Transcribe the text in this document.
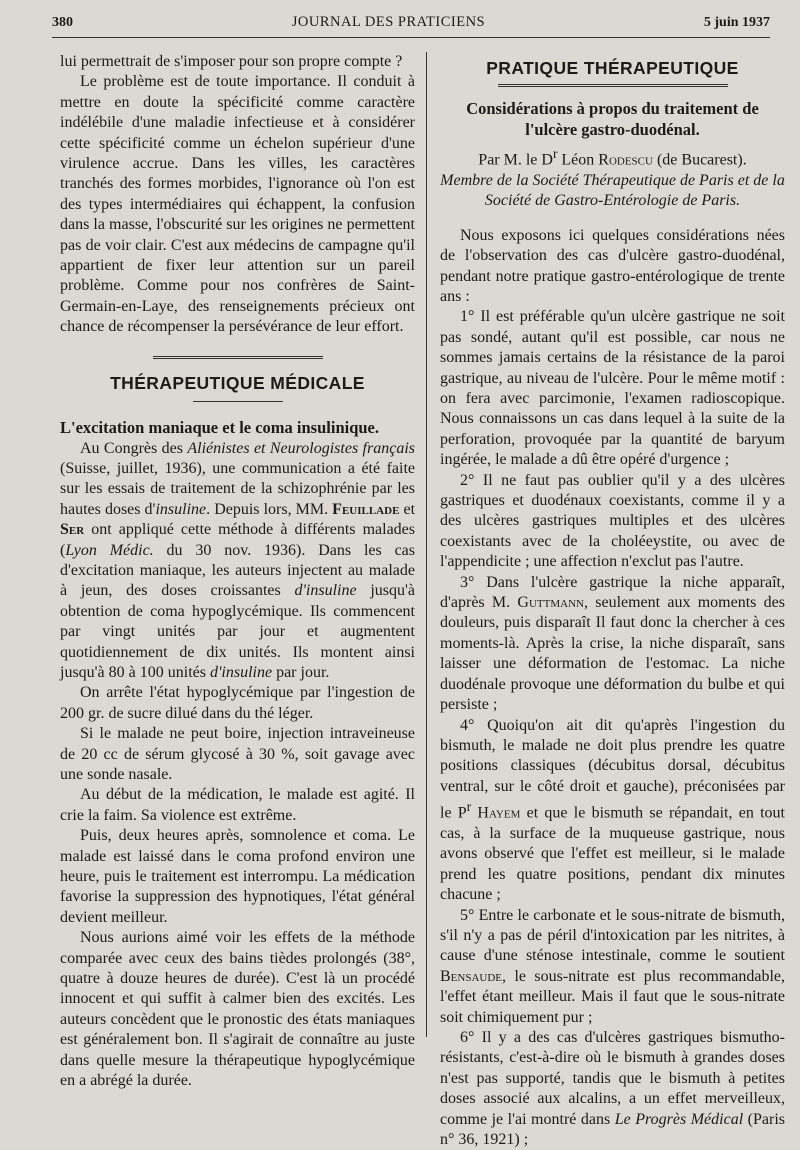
380	JOURNAL DES PRATICIENS	5 juin 1937

lui permettrait de s'imposer pour son propre compte ?

Le problème est de toute importance. Il conduit à mettre en doute la spécificité comme caractère indélébile d'une maladie infectieuse et à considérer cette spécificité comme un échelon supérieur d'une virulence accrue. Dans les villes, les caractères tranchés des formes morbides, l'ignorance où l'on est des types intermédiaires qui échappent, la confusion dans la masse, l'obscurité sur les origines ne permettent pas de voir clair. C'est aux médecins de campagne qu'il appartient de fixer leur attention sur un pareil problème. Comme pour nos confrères de Saint-Germain-en-Laye, des renseignements précieux ont chance de récompenser la persévérance de leur effort.

THÉRAPEUTIQUE MÉDICALE
L'excitation maniaque et le coma insulinique.

Au Congrès des Aliénistes et Neurologistes français (Suisse, juillet, 1936), une communication a été faite sur les essais de traitement de la schizophrénie par les hautes doses d'insuline. Depuis lors, MM. Feuillade et Ser ont appliqué cette méthode à différents malades (Lyon Médic. du 30 nov. 1936). Dans les cas d'excitation maniaque, les auteurs injectent au malade à jeun, des doses croissantes d'insuline jusqu'à obtention de coma hypoglycémique. Ils commencent par vingt unités par jour et augmentent quotidiennement de dix unités. Ils montent ainsi jusqu'à 80 à 100 unités d'insuline par jour.

On arrête l'état hypoglycémique par l'ingestion de 200 gr. de sucre dilué dans du thé léger.

Si le malade ne peut boire, injection intraveineuse de 20 cc de sérum glycosé à 30 %, soit gavage avec une sonde nasale.

Au début de la médication, le malade est agité. Il crie la faim. Sa violence est extrême.

Puis, deux heures après, somnolence et coma. Le malade est laissé dans le coma profond environ une heure, puis le traitement est interrompu. La médication favorise la suppression des hypnotiques, l'état général devient meilleur.

Nous aurions aimé voir les effets de la méthode comparée avec ceux des bains tièdes prolongés (38°, quatre à douze heures de durée). C'est là un procédé innocent et qui suffit à calmer bien des excités. Les auteurs concèdent que le pronostic des états maniaques est généralement bon. Il s'agirait de connaître au juste dans quelle mesure la thérapeutique hypoglycémique en a abrégé la durée.

PRATIQUE THÉRAPEUTIQUE
Considérations à propos du traitement de l'ulcère gastro-duodénal.

Par M. le $D^r$ Léon Rodescu (de Bucarest).

Membre de la Société Thérapeutique de Paris et de la Société de Gastro-Entérologie de Paris.

Nous exposons ici quelques considérations nées de l'observation des cas d'ulcère gastro-duodénal, pendant notre pratique gastro-entérologique de trente ans :

1° Il est préférable qu'un ulcère gastrique ne soit pas sondé, autant qu'il est possible, car nous ne sommes jamais certains de la résistance de la paroi gastrique, au niveau de l'ulcère. Pour le même motif : on fera avec parcimonie, l'examen radioscopique. Nous connaissons un cas dans lequel à la suite de la perforation, provoquée par la quantité de baryum ingérée, le malade a dû être opéré d'urgence ;

2° Il ne faut pas oublier qu'il y a des ulcères gastriques et duodénaux coexistants, comme il y a des ulcères gastriques multiples et des ulcères coexistants avec de la choléeystite, ou avec de l'appendicite ; une affection n'exclut pas l'autre.

3° Dans l'ulcère gastrique la niche apparaît, d'après M. Guttmann, seulement aux moments des douleurs, puis disparaît Il faut donc la chercher à ces moments-là. Après la crise, la niche disparaît, sans laisser une déformation de l'estomac. La niche duodénale provoque une déformation du bulbe et qui persiste ;

4° Quoiqu'on ait dit qu'après l'ingestion du bismuth, le malade ne doit plus prendre les quatre positions classiques (décubitus dorsal, décubitus ventral, sur le côté droit et gauche), préconisées par le $P^r$ Hayem et que le bismuth se répandait, en tout cas, à la surface de la muqueuse gastrique, nous avons observé que l'effet est meilleur, si le malade prend les quatre positions, pendant dix minutes chacune ;

5° Entre le carbonate et le sous-nitrate de bismuth, s'il n'y a pas de péril d'intoxication par les nitrites, à cause d'une sténose intestinale, comme le soutient Bensaude, le sous-nitrate est plus recommandable, l'effet étant meilleur. Mais il faut que le sous-nitrate soit chimiquement pur ;

6° Il y a des cas d'ulcères gastriques bismutho-résistants, c'est-à-dire où le bismuth à grandes doses n'est pas supporté, tandis que le bismuth à petites doses associé aux alcalins, a un effet merveilleux, comme je l'ai montré dans Le Progrès Médical (Paris n° 36, 1921) ;
